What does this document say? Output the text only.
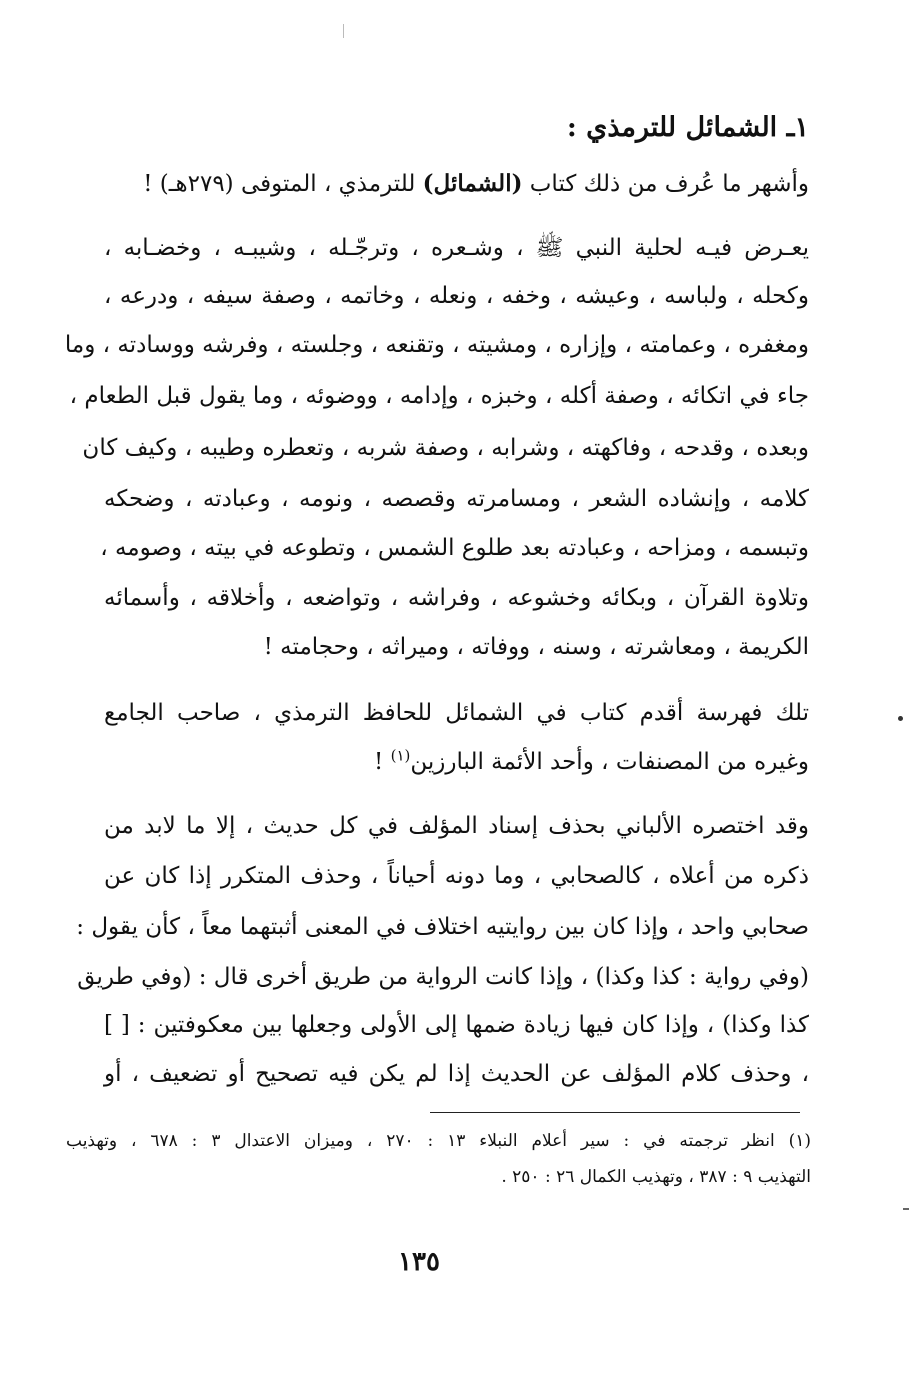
١ـ الشمائل للترمذي :
وأشهر ما عُرف من ذلك كتاب (الشمائل) للترمذي ، المتوفى (٢٧٩هـ) !
يعـرض فيـه لحلية النبي ﷺ ، وشـعره ، وترجّـله ، وشيبـه ، وخضـابه ،
وكحله ، ولباسه ، وعيشه ، وخفه ، ونعله ، وخاتمه ، وصفة سيفه ، ودرعه ،
ومغفره ، وعمامته ، وإزاره ، ومشيته ، وتقنعه ، وجلسته ، وفرشه ووسادته ، وما
جاء في اتكائه ، وصفة أكله ، وخبزه ، وإدامه ، ووضوئه ، وما يقول قبل الطعام ،
وبعده ، وقدحه ، وفاكهته ، وشرابه ، وصفة شربه ، وتعطره وطيبه ، وكيف كان
كلامه ، وإنشاده الشعر ، ومسامرته وقصصه ، ونومه ، وعبادته ، وضحكه
وتبسمه ، ومزاحه ، وعبادته بعد طلوع الشمس ، وتطوعه في بيته ، وصومه ،
وتلاوة القرآن ، وبكائه وخشوعه ، وفراشه ، وتواضعه ، وأخلاقه ، وأسمائه
الكريمة ، ومعاشرته ، وسنه ، ووفاته ، وميراثه ، وحجامته !
تلك فهرسة أقدم كتاب في الشمائل للحافظ الترمذي ، صاحب الجامع
وغيره من المصنفات ، وأحد الأئمة البارزين$^{(١)}$ !
وقد اختصره الألباني بحذف إسناد المؤلف في كل حديث ، إلا ما لابد من
ذكره من أعلاه ، كالصحابي ، وما دونه أحياناً ، وحذف المتكرر إذا كان عن
صحابي واحد ، وإذا كان بين روايتيه اختلاف في المعنى أثبتهما معاً ، كأن يقول :
(وفي رواية : كذا وكذا) ، وإذا كانت الرواية من طريق أخرى قال : (وفي طريق
كذا وكذا) ، وإذا كان فيها زيادة ضمها إلى الأولى وجعلها بين معكوفتين : [ ]
، وحذف كلام المؤلف عن الحديث إذا لم يكن فيه تصحيح أو تضعيف ، أو
(١) انظر ترجمته في : سير أعلام النبلاء ١٣ : ٢٧٠ ، وميزان الاعتدال ٣ : ٦٧٨ ، وتهذيب
التهذيب ٩ : ٣٨٧ ، وتهذيب الكمال ٢٦ : ٢٥٠ .
١٣٥
